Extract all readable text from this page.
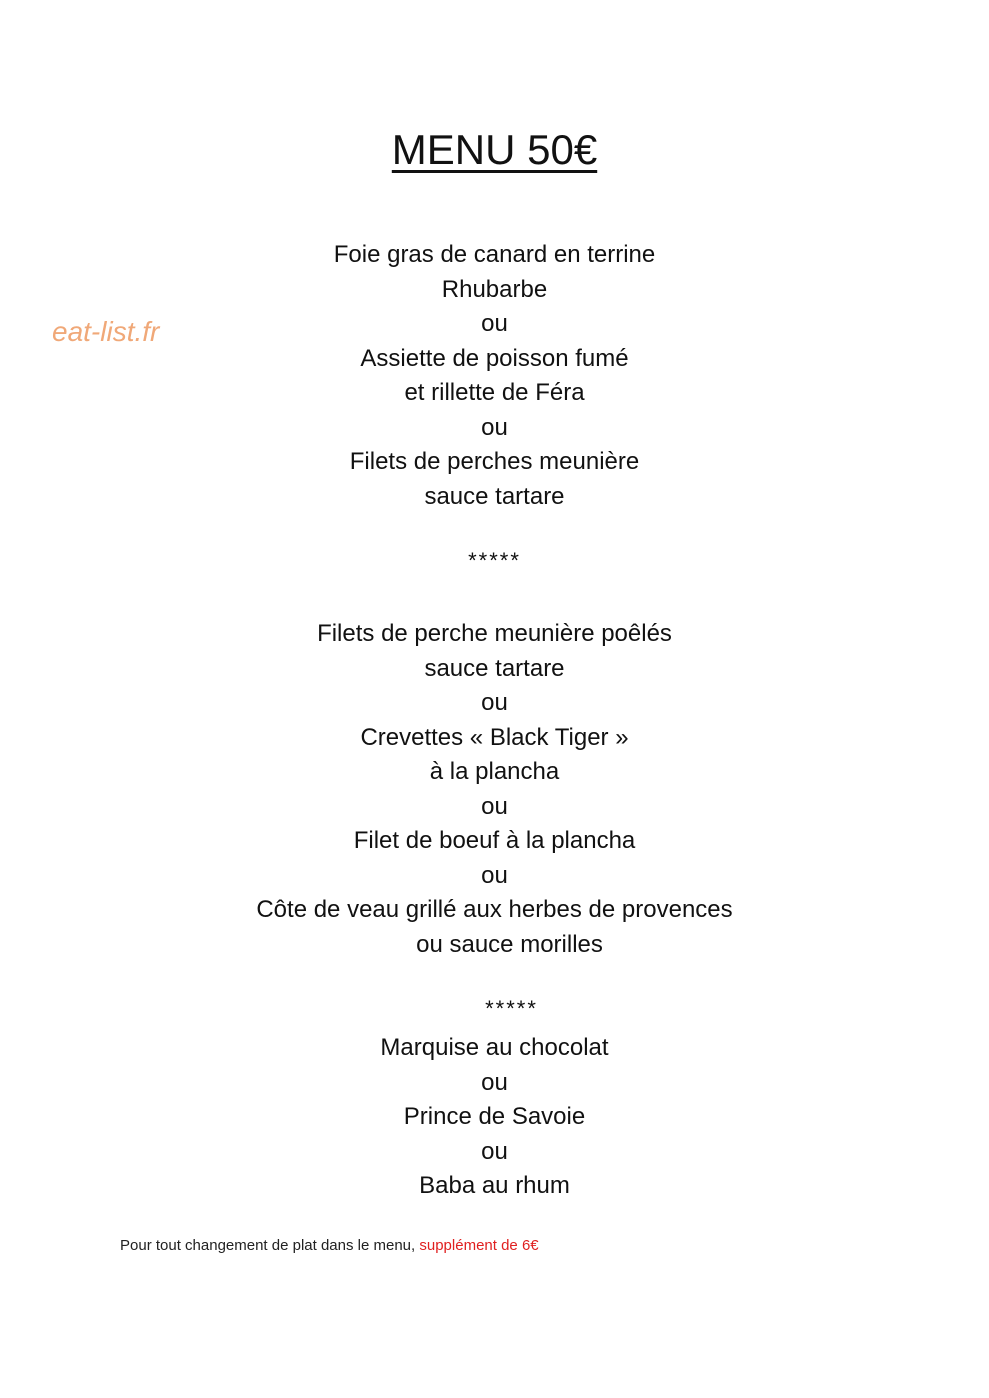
MENU 50€
eat-list.fr
Foie gras de canard en terrine
Rhubarbe
ou
Assiette de poisson fumé
et rillette de Féra
ou
Filets de perches meunière
sauce tartare
*****
Filets de perche meunière poêlés
sauce tartare
ou
Crevettes « Black Tiger »
à la plancha
ou
Filet de boeuf à la plancha
ou
Côte de veau grillé aux herbes de provences
ou sauce morilles
*****
Marquise au chocolat
ou
Prince de Savoie
ou
Baba au rhum
Pour tout changement de plat dans le menu, supplément de 6€
